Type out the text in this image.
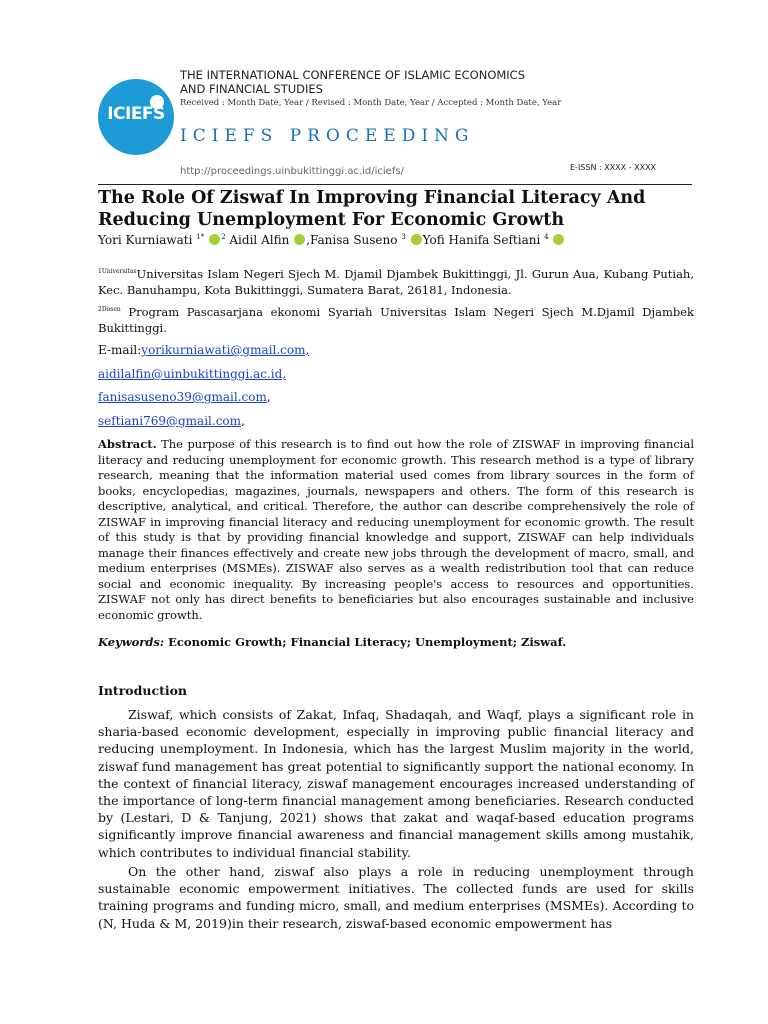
ICIEFS
THE INTERNATIONAL CONFERENCE OF ISLAMIC ECONOMICS
AND FINANCIAL STUDIES
Received : Month Date, Year / Revised : Month Date, Year / Accepted : Month Date, Year
ICIEFS PROCEEDING
http://proceedings.uinbukittinggi.ac.id/iciefs/	E-ISSN : XXXX - XXXX
The Role Of Ziswaf In Improving Financial Literacy And Reducing Unemployment For Economic Growth
Yori Kurniawati $^{1*}$ $^2$ Aidil Alfin ,Fanisa Suseno $^3$ Yofi Hanifa Seftiani $^4$
$^{1Universitas}$Universitas Islam Negeri Sjech M. Djamil Djambek Bukittinggi, Jl. Gurun Aua, Kubang Putiah, Kec. Banuhampu, Kota Bukittinggi, Sumatera Barat, 26181, Indonesia.
$^{2Dosen}$ Program Pascasarjana ekonomi Syariah Universitas Islam Negeri Sjech M.Djamil Djambek Bukittinggi.
E-mail:yorikurniawati@gmail.com,
aidilalfin@uinbukittinggi.ac.id,
fanisasuseno39@gmail.com,
seftiani769@gmail.com,
Abstract. The purpose of this research is to find out how the role of ZISWAF in improving financial literacy and reducing unemployment for economic growth. This research method is a type of library research, meaning that the information material used comes from library sources in the form of books, encyclopedias, magazines, journals, newspapers and others. The form of this research is descriptive, analytical, and critical. Therefore, the author can describe comprehensively the role of ZISWAF in improving financial literacy and reducing unemployment for economic growth. The result of this study is that by providing financial knowledge and support, ZISWAF can help individuals manage their finances effectively and create new jobs through the development of macro, small, and medium enterprises (MSMEs). ZISWAF also serves as a wealth redistribution tool that can reduce social and economic inequality. By increasing people's access to resources and opportunities. ZISWAF not only has direct benefits to beneficiaries but also encourages sustainable and inclusive economic growth.
Keywords: Economic Growth; Financial Literacy; Unemployment; Ziswaf.
Introduction
Ziswaf, which consists of Zakat, Infaq, Shadaqah, and Waqf, plays a significant role in sharia-based economic development, especially in improving public financial literacy and reducing unemployment. In Indonesia, which has the largest Muslim majority in the world, ziswaf fund management has great potential to significantly support the national economy. In the context of financial literacy, ziswaf management encourages increased understanding of the importance of long-term financial management among beneficiaries. Research conducted by (Lestari, D & Tanjung, 2021) shows that zakat and waqaf-based education programs significantly improve financial awareness and financial management skills among mustahik, which contributes to individual financial stability.
On the other hand, ziswaf also plays a role in reducing unemployment through sustainable economic empowerment initiatives. The collected funds are used for skills training programs and funding micro, small, and medium enterprises (MSMEs). According to (N, Huda & M, 2019)in their research, ziswaf-based economic empowerment has
